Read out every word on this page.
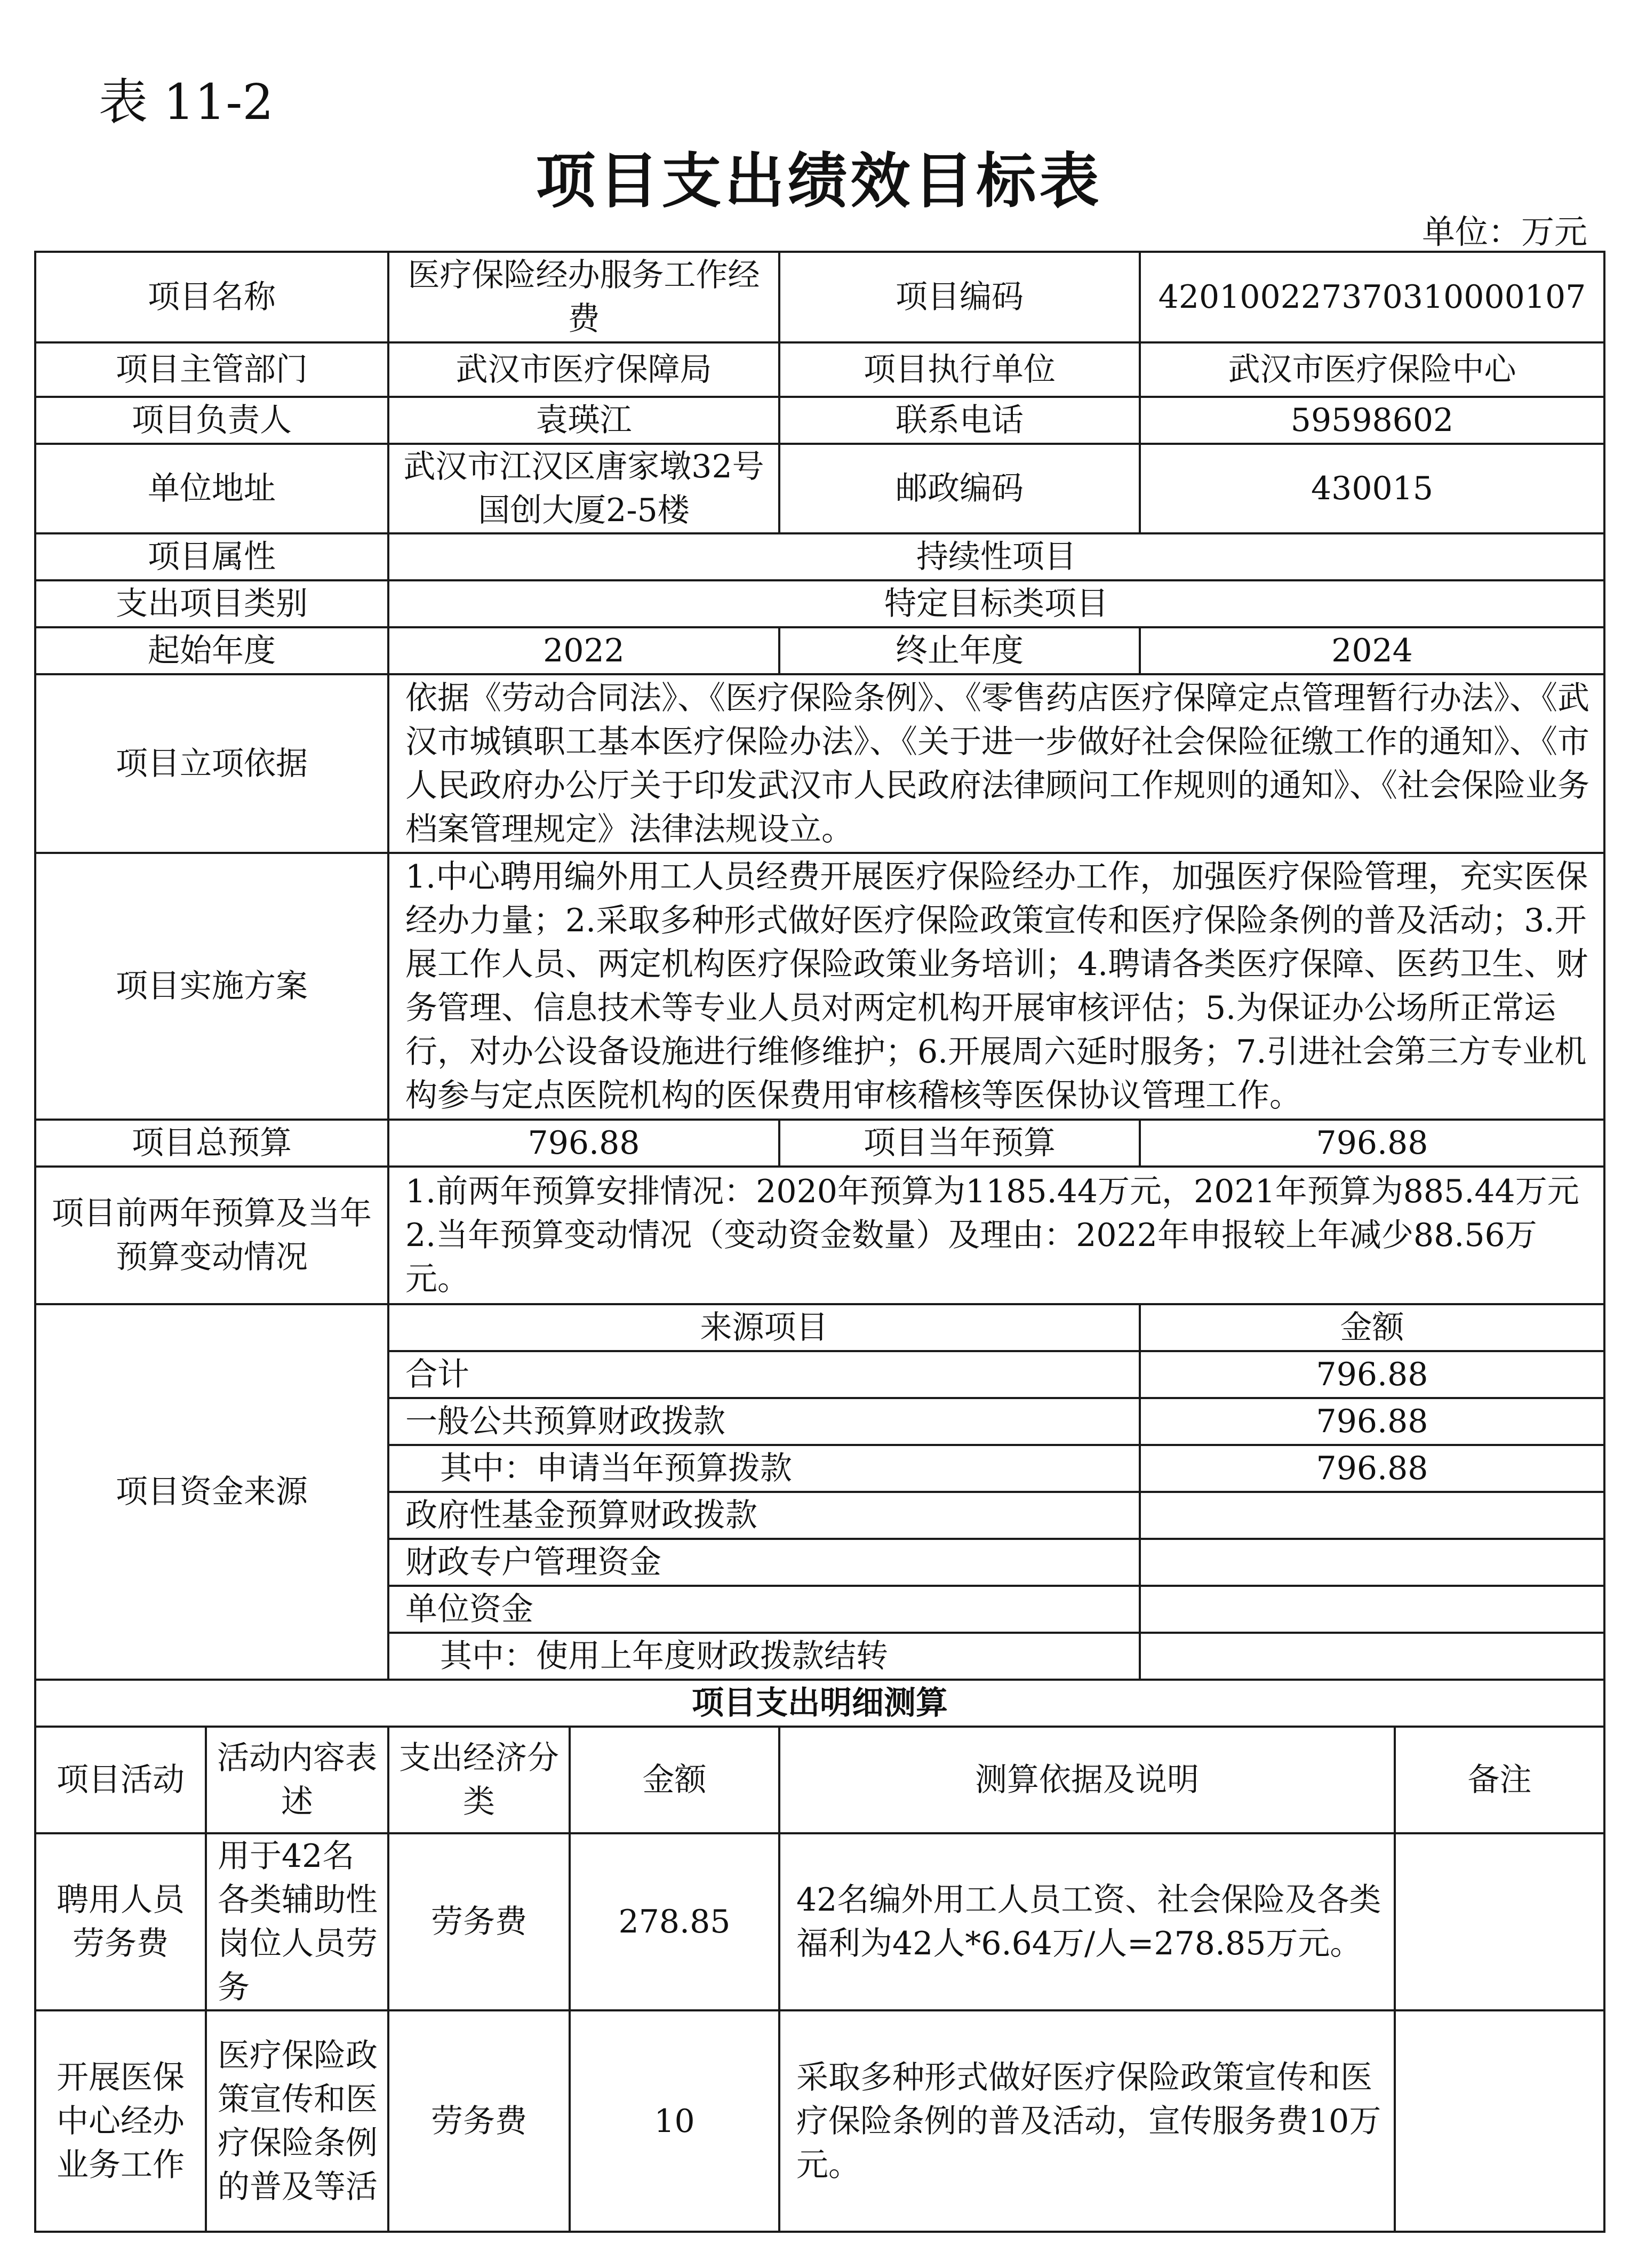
表 11-2
项目支出绩效目标表
单位：万元
项目名称		医疗保险经办服务工作经费		项目编码	420100227370310000107	
项目主管部门		武汉市医疗保障局		项目执行单位	武汉市医疗保险中心	
项目负责人		袁瑛江		联系电话	59598602	
单位地址		武汉市江汉区唐家墩32号国创大厦2-5楼		邮政编码	430015	
项目属性		持续性项目				
支出项目类别		特定目标类项目				
起始年度		2022		终止年度	2024	
项目立项依据		依据《劳动合同法》、《医疗保险条例》、《零售药店医疗保障定点管理暂行办法》、《武汉市城镇职工基本医疗保险办法》、《关于进一步做好社会保险征缴工作的通知》、《市人民政府办公厅关于印发武汉市人民政府法律顾问工作规则的通知》、《社会保险业务档案管理规定》法律法规设立。				
项目实施方案		1.中心聘用编外用工人员经费开展医疗保险经办工作，加强医疗保险管理，充实医保经办力量；2.采取多种形式做好医疗保险政策宣传和医疗保险条例的普及活动；3.开展工作人员、两定机构医疗保险政策业务培训；4.聘请各类医疗保障、医药卫生、财务管理、信息技术等专业人员对两定机构开展审核评估；5.为保证办公场所正常运行，对办公设备设施进行维修维护；6.开展周六延时服务；7.引进社会第三方专业机构参与定点医院机构的医保费用审核稽核等医保协议管理工作。				
项目总预算		796.88		项目当年预算	796.88	
项目前两年预算及当年预算变动情况		1.前两年预算安排情况：2020年预算为1185.44万元，2021年预算为885.44万元
2.当年预算变动情况（变动资金数量）及理由：2022年申报较上年减少88.56万元。				

项目资金来源		来源项目			金额	
		合计			796.88	
		一般公共预算财政拨款			796.88	
		其中：申请当年预算拨款			796.88	
		政府性基金预算财政拨款				
		财政专户管理资金				
		单位资金				
		其中：使用上年度财政拨款结转				
项目支出明细测算						
项目活动	活动内容表述	支出经济分类	金额	测算依据及说明		备注
聘用人员劳务费	用于42名各类辅助性岗位人员劳务	劳务费	278.85	42名编外用工人员工资、社会保险及各类福利为42人*6.64万/人=278.85万元。		
开展医保中心经办业务工作	医疗保险政策宣传和医疗保险条例的普及等活	劳务费	10	采取多种形式做好医疗保险政策宣传和医疗保险条例的普及活动，宣传服务费10万元。		
